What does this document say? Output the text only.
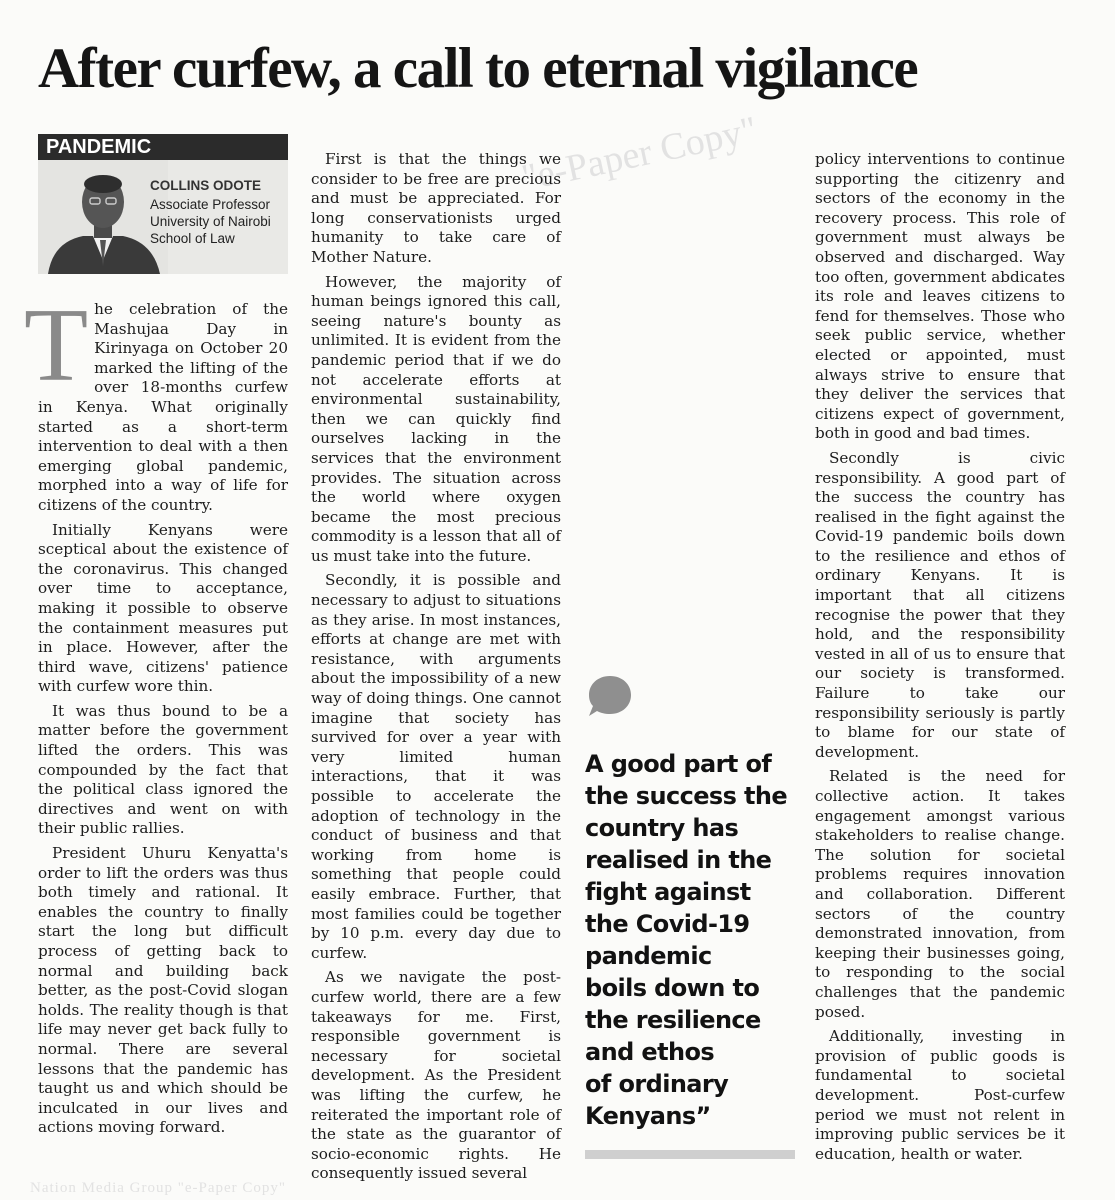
After curfew, a call to eternal vigilance
"e-Paper Copy"
PANDEMIC
COLLINS ODOTE
Associate Professor
University of Nairobi
School of Law

The celebration of the Mashujaa Day in Kirinyaga on October 20 marked the lifting of the over 18-months curfew in Kenya. What originally started as a short-term intervention to deal with a then emerging global pandemic, morphed into a way of life for citizens of the country.

Initially Kenyans were sceptical about the existence of the coronavirus. This changed over time to acceptance, making it possible to observe the containment measures put in place. However, after the third wave, citizens' patience with curfew wore thin.

It was thus bound to be a matter before the government lifted the orders. This was compounded by the fact that the political class ignored the directives and went on with their public rallies.

President Uhuru Kenyatta's order to lift the orders was thus both timely and rational. It enables the country to finally start the long but difficult process of getting back to normal and building back better, as the post-Covid slogan holds. The reality though is that life may never get back fully to normal. There are several lessons that the pandemic has taught us and which should be inculcated in our lives and actions moving forward.

First is that the things we consider to be free are precious and must be appreciated. For long conservationists urged humanity to take care of Mother Nature.

However, the majority of human beings ignored this call, seeing nature's bounty as unlimited. It is evident from the pandemic period that if we do not accelerate efforts at environmental sustainability, then we can quickly find ourselves lacking in the services that the environment provides. The situation across the world where oxygen became the most precious commodity is a lesson that all of us must take into the future.

Secondly, it is possible and necessary to adjust to situations as they arise. In most instances, efforts at change are met with resistance, with arguments about the impossibility of a new way of doing things. One cannot imagine that society has survived for over a year with very limited human interactions, that it was possible to accelerate the adoption of technology in the conduct of business and that working from home is something that people could easily embrace. Further, that most families could be together by 10 p.m. every day due to curfew.

As we navigate the post-curfew world, there are a few takeaways for me. First, responsible government is necessary for societal development. As the President was lifting the curfew, he reiterated the important role of the state as the guarantor of socio-economic rights. He consequently issued several

A good part of
the success the
country has
realised in the
fight against
the Covid-19
pandemic
boils down to
the resilience
and ethos
of ordinary
Kenyans”

policy interventions to continue supporting the citizenry and sectors of the economy in the recovery process. This role of government must always be observed and discharged. Way too often, government abdicates its role and leaves citizens to fend for themselves. Those who seek public service, whether elected or appointed, must always strive to ensure that they deliver the services that citizens expect of government, both in good and bad times.

Secondly is civic responsibility. A good part of the success the country has realised in the fight against the Covid-19 pandemic boils down to the resilience and ethos of ordinary Kenyans. It is important that all citizens recognise the power that they hold, and the responsibility vested in all of us to ensure that our society is transformed. Failure to take our responsibility seriously is partly to blame for our state of development.

Related is the need for collective action. It takes engagement amongst various stakeholders to realise change. The solution for societal problems requires innovation and collaboration. Different sectors of the country demonstrated innovation, from keeping their businesses going, to responding to the social challenges that the pandemic posed.

Additionally, investing in provision of public goods is fundamental to societal development. Post-curfew period we must not relent in improving public services be it education, health or water.

Nation Media Group "e-Paper Copy"
